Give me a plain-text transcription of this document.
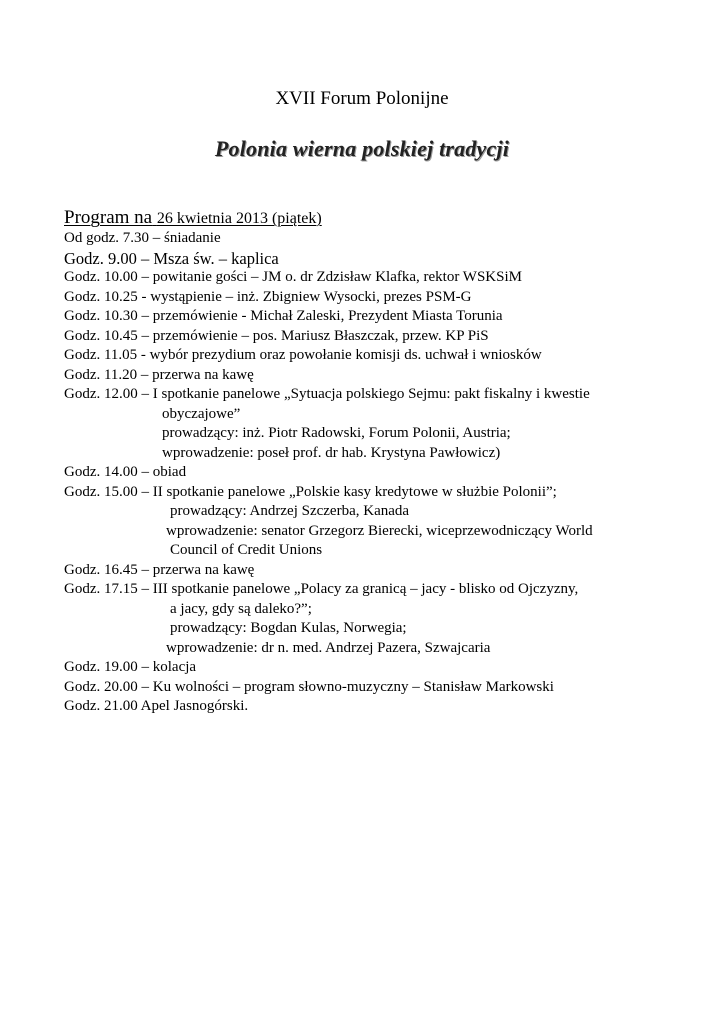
XVII Forum Polonijne
Polonia wierna polskiej tradycji
Program na 26 kwietnia 2013 (piątek)
Od godz. 7.30 – śniadanie
Godz. 9.00 – Msza św. – kaplica
Godz. 10.00 – powitanie gości – JM o. dr Zdzisław Klafka, rektor WSKSiM
Godz. 10.25 - wystąpienie – inż. Zbigniew Wysocki, prezes PSM-G
Godz. 10.30 – przemówienie - Michał Zaleski, Prezydent Miasta Torunia
Godz. 10.45 – przemówienie – pos. Mariusz Błaszczak, przew. KP PiS
Godz. 11.05 - wybór prezydium oraz powołanie komisji ds. uchwał i wniosków
Godz. 11.20 – przerwa na kawę
Godz. 12.00 – I spotkanie panelowe „Sytuacja polskiego Sejmu: pakt fiskalny i kwestie
obyczajowe”
prowadzący: inż. Piotr Radowski, Forum Polonii, Austria;
wprowadzenie: poseł prof. dr hab. Krystyna Pawłowicz)
Godz. 14.00 – obiad
Godz. 15.00 – II spotkanie panelowe „Polskie kasy kredytowe w służbie Polonii”;
prowadzący: Andrzej Szczerba, Kanada
wprowadzenie: senator Grzegorz Bierecki, wiceprzewodniczący World
Council of Credit Unions
Godz. 16.45 – przerwa na kawę
Godz. 17.15 – III spotkanie panelowe „Polacy za granicą – jacy - blisko od Ojczyzny,
a jacy, gdy są daleko?”;
prowadzący: Bogdan Kulas, Norwegia;
wprowadzenie: dr n. med. Andrzej Pazera, Szwajcaria
Godz. 19.00 – kolacja
Godz. 20.00 – Ku wolności – program słowno-muzyczny – Stanisław Markowski
Godz. 21.00 Apel Jasnogórski.
